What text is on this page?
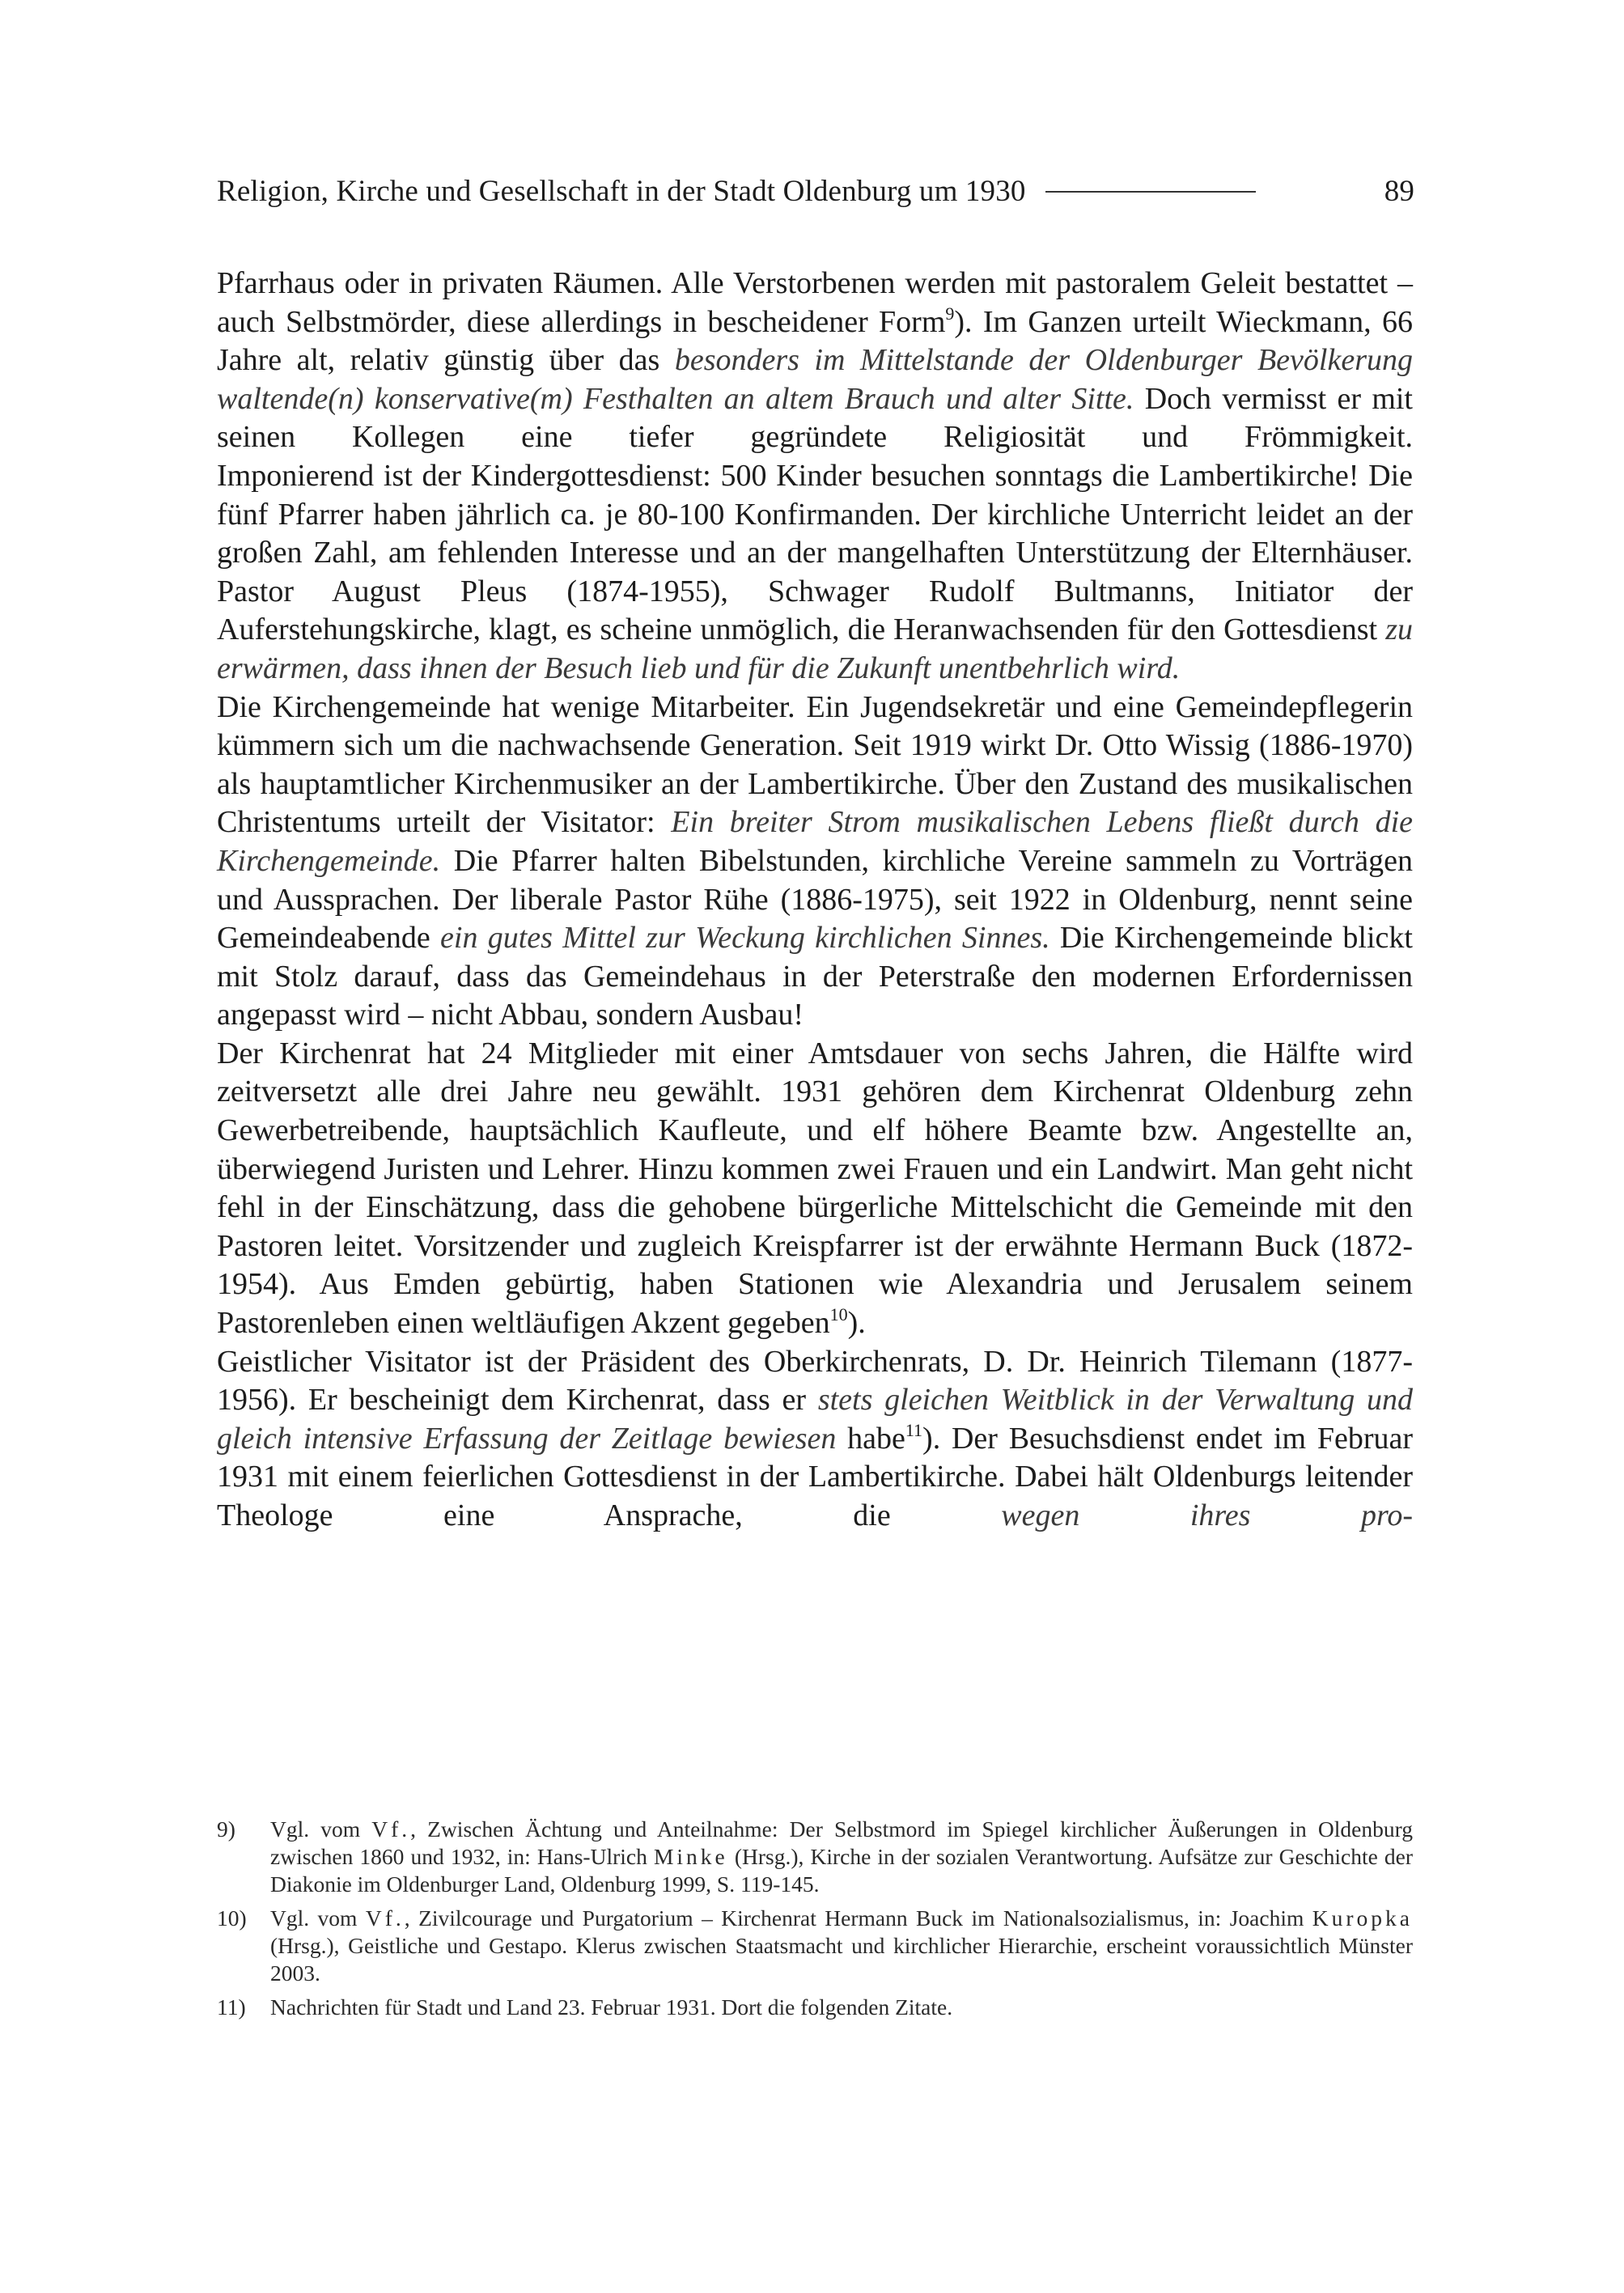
Religion, Kirche und Gesellschaft in der Stadt Oldenburg um 1930	89

Pfarrhaus oder in privaten Räumen. Alle Verstorbenen werden mit pastoralem Geleit bestattet – auch Selbstmörder, diese allerdings in bescheidener Form$^9$). Im Ganzen urteilt Wieckmann, 66 Jahre alt, relativ günstig über das besonders im Mittelstande der Oldenburger Bevölkerung waltende(n) konservative(m) Festhalten an altem Brauch und alter Sitte. Doch vermisst er mit seinen Kollegen eine tiefer gegründete Religiosität und Frömmigkeit.

Imponierend ist der Kindergottesdienst: 500 Kinder besuchen sonntags die Lambertikirche! Die fünf Pfarrer haben jährlich ca. je 80-100 Konfirmanden. Der kirchliche Unterricht leidet an der großen Zahl, am fehlenden Interesse und an der mangelhaften Unterstützung der Elternhäuser. Pastor August Pleus (1874-1955), Schwager Rudolf Bultmanns, Initiator der Auferstehungskirche, klagt, es scheine unmöglich, die Heranwachsenden für den Gottesdienst zu erwärmen, dass ihnen der Besuch lieb und für die Zukunft unentbehrlich wird.

Die Kirchengemeinde hat wenige Mitarbeiter. Ein Jugendsekretär und eine Gemeindepflegerin kümmern sich um die nachwachsende Generation. Seit 1919 wirkt Dr. Otto Wissig (1886-1970) als hauptamtlicher Kirchenmusiker an der Lambertikirche. Über den Zustand des musikalischen Christentums urteilt der Visitator: Ein breiter Strom musikalischen Lebens fließt durch die Kirchengemeinde. Die Pfarrer halten Bibelstunden, kirchliche Vereine sammeln zu Vorträgen und Aussprachen. Der liberale Pastor Rühe (1886-1975), seit 1922 in Oldenburg, nennt seine Gemeindeabende ein gutes Mittel zur Weckung kirchlichen Sinnes. Die Kirchengemeinde blickt mit Stolz darauf, dass das Gemeindehaus in der Peterstraße den modernen Erfordernissen angepasst wird – nicht Abbau, sondern Ausbau!

Der Kirchenrat hat 24 Mitglieder mit einer Amtsdauer von sechs Jahren, die Hälfte wird zeitversetzt alle drei Jahre neu gewählt. 1931 gehören dem Kirchenrat Oldenburg zehn Gewerbetreibende, hauptsächlich Kaufleute, und elf höhere Beamte bzw. Angestellte an, überwiegend Juristen und Lehrer. Hinzu kommen zwei Frauen und ein Landwirt. Man geht nicht fehl in der Einschätzung, dass die gehobene bürgerliche Mittelschicht die Gemeinde mit den Pastoren leitet. Vorsitzender und zugleich Kreispfarrer ist der erwähnte Hermann Buck (1872-1954). Aus Emden gebürtig, haben Stationen wie Alexandria und Jerusalem seinem Pastorenleben einen weltläufigen Akzent gegeben$^{10}$).

Geistlicher Visitator ist der Präsident des Oberkirchenrats, D. Dr. Heinrich Tilemann (1877-1956). Er bescheinigt dem Kirchenrat, dass er stets gleichen Weitblick in der Verwaltung und gleich intensive Erfassung der Zeitlage bewiesen habe$^{11}$). Der Besuchsdienst endet im Februar 1931 mit einem feierlichen Gottesdienst in der Lambertikirche. Dabei hält Oldenburgs leitender Theologe eine Ansprache, die wegen ihres pro-

9)	Vgl. vom Vf., Zwischen Ächtung und Anteilnahme: Der Selbstmord im Spiegel kirchlicher Äußerungen in Oldenburg zwischen 1860 und 1932, in: Hans-Ulrich Minke (Hrsg.), Kirche in der sozialen Verantwortung. Aufsätze zur Geschichte der Diakonie im Oldenburger Land, Oldenburg 1999, S. 119-145.
10)	Vgl. vom Vf., Zivilcourage und Purgatorium – Kirchenrat Hermann Buck im Nationalsozialismus, in: Joachim Kuropka (Hrsg.), Geistliche und Gestapo. Klerus zwischen Staatsmacht und kirchlicher Hierarchie, erscheint voraussichtlich Münster 2003.
11)	Nachrichten für Stadt und Land 23. Februar 1931. Dort die folgenden Zitate.
